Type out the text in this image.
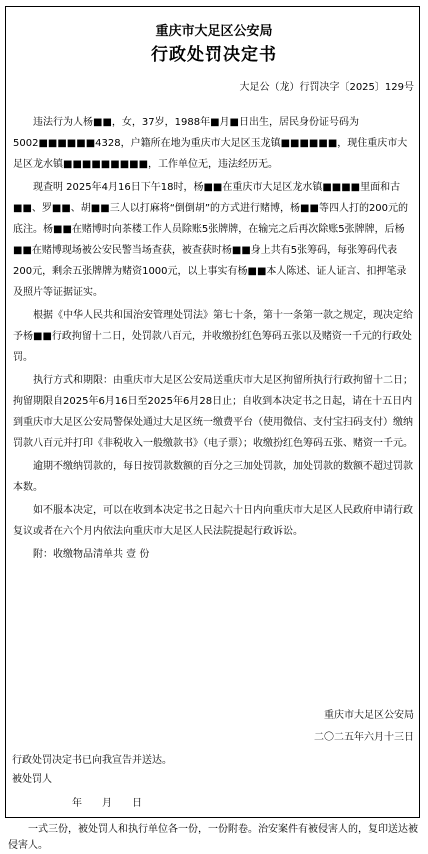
重庆市大足区公安局
行政处罚决定书
大足公（龙）行罚决字〔2025〕129号

违法行为人杨■■，女，37岁，1988年■月■日出生，居民身份证号码为5002■■■■■■4328，户籍所在地为重庆市大足区玉龙镇■■■■■■，现住重庆市大足区龙水镇■■■■■■■■■，工作单位无，违法经历无。

现查明 2025年4月16日下午18时，杨■■在重庆市大足区龙水镇■■■■里面和古■■、罗■■、胡■■三人以打麻将“倒倒胡”的方式进行赌博，杨■■等四人打的200元的底注。杨■■在赌博时向茶楼工作人员除账5张牌牌，在输完之后再次除账5张牌牌，后杨■■在赌博现场被公安民警当场查获，被查获时杨■■身上共有5张筹码，每张筹码代表200元，剩余五张牌牌为赌资1000元，以上事实有杨■■本人陈述、证人证言、扣押笔录及照片等证据证实。

根据《中华人民共和国治安管理处罚法》第七十条，第十一条第一款之规定，现决定给予杨■■行政拘留十二日，处罚款八百元，并收缴扮红色筹码五张以及赌资一千元的行政处罚。

执行方式和期限：由重庆市大足区公安局送重庆市大足区拘留所执行行政拘留十二日；拘留期限自2025年6月16日至2025年6月28日止；自收到本决定书之日起，请在十五日内到重庆市大足区公安局警保处通过大足区统一缴费平台（使用微信、支付宝扫码支付）缴纳罚款八百元并打印《非税收入一般缴款书》（电子票）；收缴扮红色筹码五张、赌资一千元。

逾期不缴纳罚款的，每日按罚款数额的百分之三加处罚款，加处罚款的数额不超过罚款本数。

如不服本决定，可以在收到本决定书之日起六十日内向重庆市大足区人民政府申请行政复议或者在六个月内依法向重庆市大足区人民法院提起行政诉讼。

附：收缴物品清单共 壹 份

重庆市大足区公安局
二〇二五年六月十三日
行政处罚决定书已向我宣告并送达。
被处罚人
年　　月　　日
一式三份，被处罚人和执行单位各一份，一份附卷。治安案件有被侵害人的，复印送达被侵害人。
